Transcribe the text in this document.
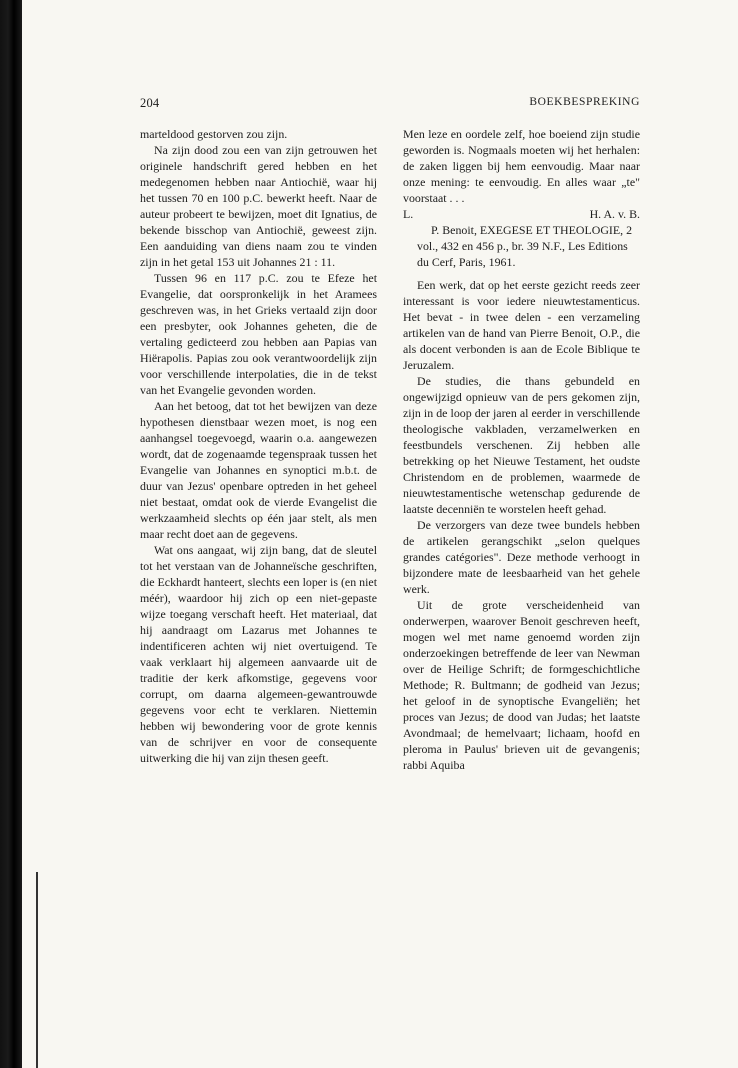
204	BOEKBESPREKING

marteldood gestorven zou zijn.

Na zijn dood zou een van zijn getrouwen het originele handschrift gered hebben en het medegenomen hebben naar Antiochië, waar hij het tussen 70 en 100 p.C. bewerkt heeft. Naar de auteur probeert te bewijzen, moet dit Ignatius, de bekende bisschop van Antiochië, geweest zijn. Een aanduiding van diens naam zou te vinden zijn in het getal 153 uit Johannes 21 : 11.

Tussen 96 en 117 p.C. zou te Efeze het Evangelie, dat oorspronkelijk in het Aramees geschreven was, in het Grieks vertaald zijn door een presbyter, ook Johannes geheten, die de vertaling gedicteerd zou hebben aan Papias van Hiërapolis. Papias zou ook verantwoordelijk zijn voor verschillende interpolaties, die in de tekst van het Evangelie gevonden worden.

Aan het betoog, dat tot het bewijzen van deze hypothesen dienstbaar wezen moet, is nog een aanhangsel toegevoegd, waarin o.a. aangewezen wordt, dat de zogenaamde tegenspraak tussen het Evangelie van Johannes en synoptici m.b.t. de duur van Jezus' openbare optreden in het geheel niet bestaat, omdat ook de vierde Evangelist die werkzaamheid slechts op één jaar stelt, als men maar recht doet aan de gegevens.

Wat ons aangaat, wij zijn bang, dat de sleutel tot het verstaan van de Johanneïsche geschriften, die Eckhardt hanteert, slechts een loper is (en niet méér), waardoor hij zich op een niet-gepaste wijze toegang verschaft heeft. Het materiaal, dat hij aandraagt om Lazarus met Johannes te indentificeren achten wij niet overtuigend. Te vaak verklaart hij algemeen aanvaarde uit de traditie der kerk afkomstige, gegevens voor corrupt, om daarna algemeen-gewantrouwde gegevens voor echt te verklaren. Niettemin hebben wij bewondering voor de grote kennis van de schrijver en voor de consequente uitwerking die hij van zijn thesen geeft.

Men leze en oordele zelf, hoe boeiend zijn studie geworden is. Nogmaals moeten wij het herhalen: de zaken liggen bij hem eenvoudig. Maar naar onze mening: te eenvoudig. En alles waar „te" voorstaat . . .

L.	H. A. v. B.

P. Benoit, EXEGESE ET THEOLOGIE, 2 vol., 432 en 456 p., br. 39 N.F., Les Editions du Cerf, Paris, 1961.

Een werk, dat op het eerste gezicht reeds zeer interessant is voor iedere nieuwtestamenticus. Het bevat - in twee delen - een verzameling artikelen van de hand van Pierre Benoit, O.P., die als docent verbonden is aan de Ecole Biblique te Jeruzalem.

De studies, die thans gebundeld en ongewijzigd opnieuw van de pers gekomen zijn, zijn in de loop der jaren al eerder in verschillende theologische vakbladen, verzamelwerken en feestbundels verschenen. Zij hebben alle betrekking op het Nieuwe Testament, het oudste Christendom en de problemen, waarmede de nieuwtestamentische wetenschap gedurende de laatste decenniën te worstelen heeft gehad.

De verzorgers van deze twee bundels hebben de artikelen gerangschikt „selon quelques grandes catégories". Deze methode verhoogt in bijzondere mate de leesbaarheid van het gehele werk.

Uit de grote verscheidenheid van onderwerpen, waarover Benoit geschreven heeft, mogen wel met name genoemd worden zijn onderzoekingen betreffende de leer van Newman over de Heilige Schrift; de formgeschichtliche Methode; R. Bultmann; de godheid van Jezus; het geloof in de synoptische Evangeliën; het proces van Jezus; de dood van Judas; het laatste Avondmaal; de hemelvaart; lichaam, hoofd en pleroma in Paulus' brieven uit de gevangenis; rabbi Aquiba
